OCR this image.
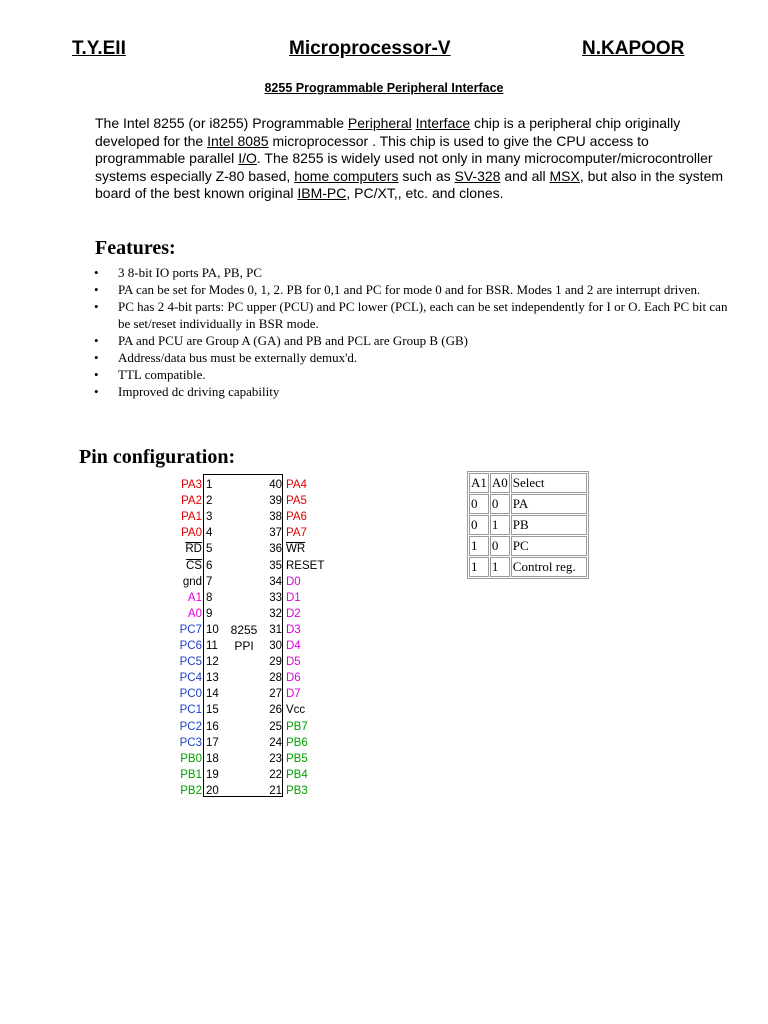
T.Y.EII	Microprocessor-V	N.KAPOOR
8255 Programmable Peripheral Interface
The Intel 8255 (or i8255) Programmable Peripheral Interface chip is a peripheral chip originally developed for the Intel 8085 microprocessor . This chip is used to give the CPU access to programmable parallel I/O. The 8255 is widely used not only in many microcomputer/microcontroller systems especially Z-80 based, home computers such as SV-328 and all MSX, but also in the system board of the best known original IBM-PC, PC/XT,, etc. and clones.
Features:
• 3 8-bit IO ports PA, PB, PC
• PA can be set for Modes 0, 1, 2. PB for 0,1 and PC for mode 0 and for BSR. Modes 1 and 2 are interrupt driven.
• PC has 2 4-bit parts: PC upper (PCU) and PC lower (PCL), each can be set independently for I or O. Each PC bit can be set/reset individually in BSR mode.
• PA and PCU are Group A (GA) and PB and PCL are Group B (GB)
• Address/data bus must be externally demux'd.
• TTL compatible.
• Improved dc driving capability
Pin configuration:
8255
PPI
PA3 1
PA2 2
PA1 3
PA0 4
$\overline{RD}$ 5
$\overline{CS}$ 6
gnd 7
A1 8
A0 9
PC7 10
PC6 11
PC5 12
PC4 13
PC0 14
PC1 15
PC2 16
PC3 17
PB0 18
PB1 19
PB2 20
40 PA4
39 PA5
38 PA6
37 PA7
36 $\overline{WR}$
35 RESET
34 D0
33 D1
32 D2
31 D3
30 D4
29 D5
28 D6
27 D7
26 Vcc
25 PB7
24 PB6
23 PB5
22 PB4
21 PB3
A1	A0	Select
0	0	PA
0	1	PB
1	0	PC
1	1	Control reg.
